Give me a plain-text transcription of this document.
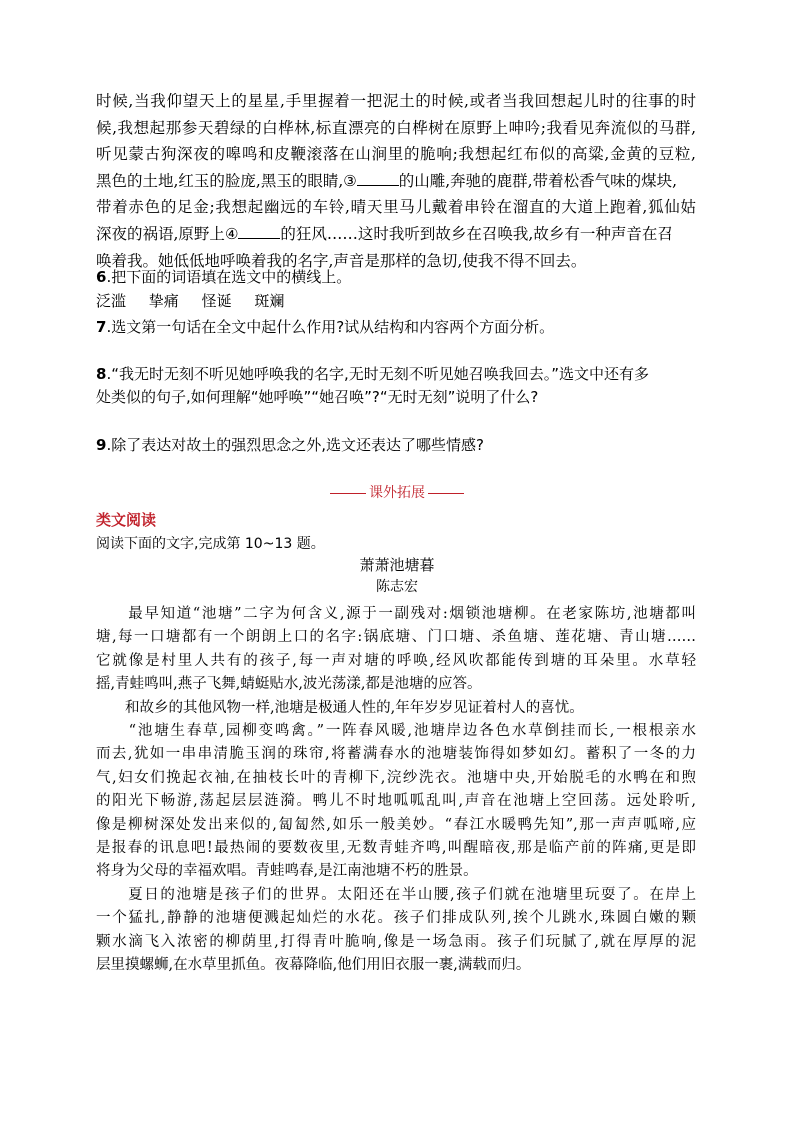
时候,当我仰望天上的星星,手里握着一把泥土的时候,或者当我回想起儿时的往事的时
候,我想起那参天碧绿的白桦林,标直漂亮的白桦树在原野上呻吟;我看见奔流似的马群,
听见蒙古狗深夜的嗥鸣和皮鞭滚落在山涧里的脆响;我想起红布似的高粱,金黄的豆粒,
黑色的土地,红玉的脸庞,黑玉的眼睛,③	的山雕,奔驰的鹿群,带着松香气味的煤块,
带着赤色的足金;我想起幽远的车铃,晴天里马儿戴着串铃在溜直的大道上跑着,狐仙姑
深夜的祸语,原野上④	的狂风……这时我听到故乡在召唤我,故乡有一种声音在召
唤着我。她低低地呼唤着我的名字,声音是那样的急切,使我不得不回去。
6.把下面的词语填在选文中的横线上。
泛滥 挚痛 怪诞 斑斓
7.选文第一句话在全文中起什么作用?试从结构和内容两个方面分析。
8.“我无时无刻不听见她呼唤我的名字,无时无刻不听见她召唤我回去。”选文中还有多
处类似的句子,如何理解“她呼唤”“她召唤”?“无时无刻”说明了什么?
9.除了表达对故土的强烈思念之外,选文还表达了哪些情感?
课外拓展
类文阅读
阅读下面的文字,完成第 10~13 题。
萧萧池塘暮
陈志宏
　　最早知道“池塘”二字为何含义,源于一副残对:烟锁池塘柳。在老家陈坊,池塘都叫
塘,每一口塘都有一个朗朗上口的名字:锅底塘、门口塘、杀鱼塘、莲花塘、青山塘……
它就像是村里人共有的孩子,每一声对塘的呼唤,经风吹都能传到塘的耳朵里。水草轻
摇,青蛙鸣叫,燕子飞舞,蜻蜓贴水,波光荡漾,都是池塘的应答。
　　和故乡的其他风物一样,池塘是极通人性的,年年岁岁见证着村人的喜忧。
　　“池塘生春草,园柳变鸣禽。”一阵春风暖,池塘岸边各色水草倒挂而长,一根根亲水
而去,犹如一串串清脆玉润的珠帘,将蓄满春水的池塘装饰得如梦如幻。蓄积了一冬的力
气,妇女们挽起衣袖,在抽枝长叶的青柳下,浣纱洗衣。池塘中央,开始脱毛的水鸭在和煦
的阳光下畅游,荡起层层涟漪。鸭儿不时地呱呱乱叫,声音在池塘上空回荡。远处聆听,
像是柳树深处发出来似的,匐匐然,如乐一般美妙。“春江水暖鸭先知”,那一声声呱啼,应
是报春的讯息吧!最热闹的要数夜里,无数青蛙齐鸣,叫醒暗夜,那是临产前的阵痛,更是即
将身为父母的幸福欢唱。青蛙鸣春,是江南池塘不朽的胜景。
　　夏日的池塘是孩子们的世界。太阳还在半山腰,孩子们就在池塘里玩耍了。在岸上
一个猛扎,静静的池塘便溅起灿烂的水花。孩子们排成队列,挨个儿跳水,珠圆白嫩的颗
颗水滴飞入浓密的柳荫里,打得青叶脆响,像是一场急雨。孩子们玩腻了,就在厚厚的泥
层里摸螺蛳,在水草里抓鱼。夜幕降临,他们用旧衣服一裹,满载而归。
